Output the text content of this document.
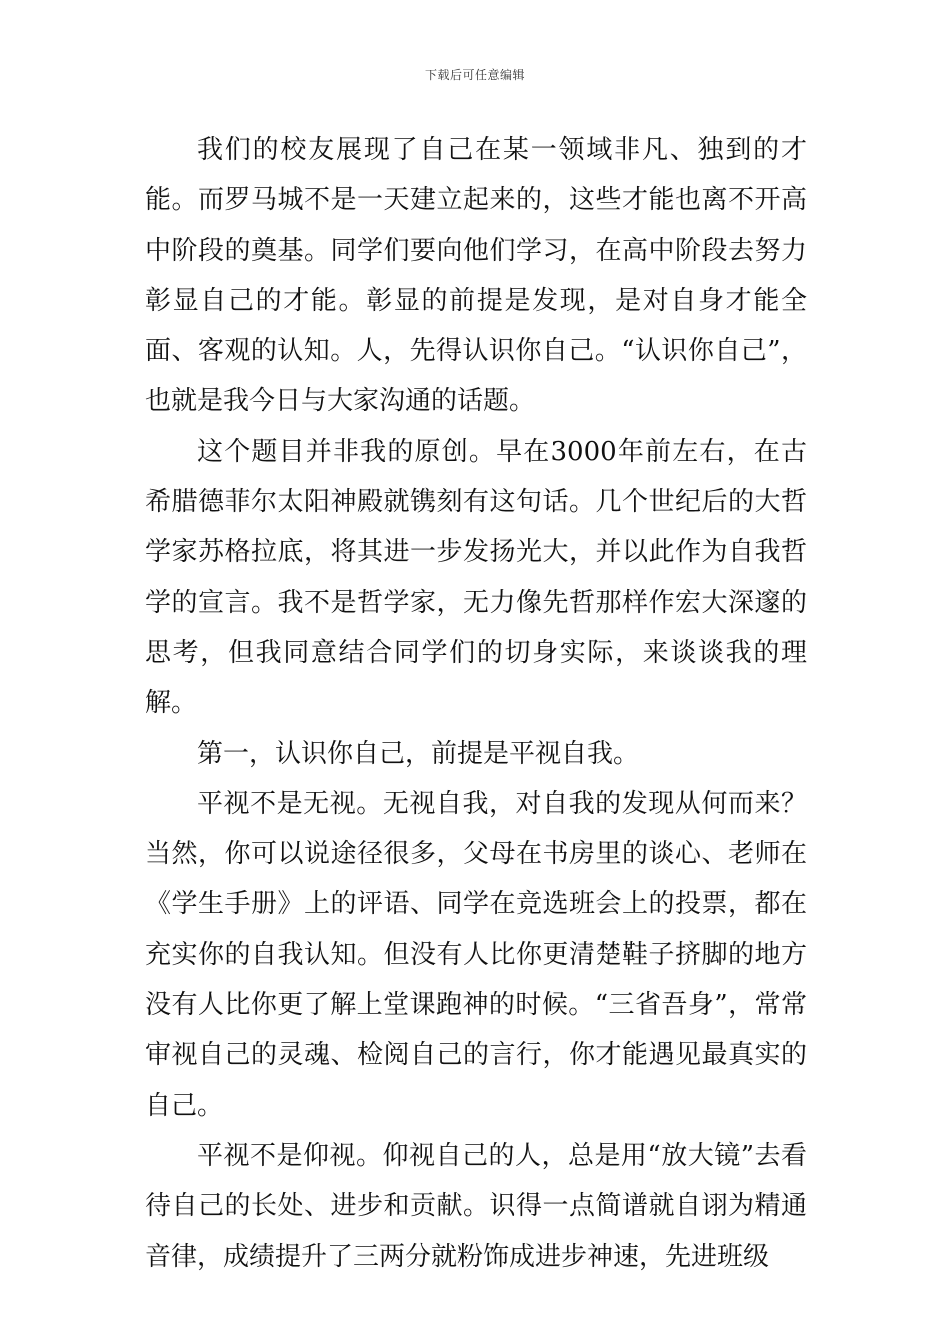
下载后可任意编辑

我们的校友展现了自己在某一领域非凡、独到的才能。而罗马城不是一天建立起来的，这些才能也离不开高中阶段的奠基。同学们要向他们学习，在高中阶段去努力彰显自己的才能。彰显的前提是发现，是对自身才能全面、客观的认知。人，先得认识你自己。“认识你自己”，也就是我今日与大家沟通的话题。

这个题目并非我的原创。早在3000年前左右，在古希腊德菲尔太阳神殿就镌刻有这句话。几个世纪后的大哲学家苏格拉底，将其进一步发扬光大，并以此作为自我哲学的宣言。我不是哲学家，无力像先哲那样作宏大深邃的思考，但我同意结合同学们的切身实际，来谈谈我的理解。

第一，认识你自己，前提是平视自我。

平视不是无视。无视自我，对自我的发现从何而来？当然，你可以说途径很多，父母在书房里的谈心、老师在《学生手册》上的评语、同学在竞选班会上的投票，都在充实你的自我认知。但没有人比你更清楚鞋子挤脚的地方没有人比你更了解上堂课跑神的时候。“三省吾身”，常常审视自己的灵魂、检阅自己的言行，你才能遇见最真实的自己。

平视不是仰视。仰视自己的人，总是用“放大镜”去看待自己的长处、进步和贡献。识得一点简谱就自诩为精通音律，成绩提升了三两分就粉饰成进步神速，先进班级
